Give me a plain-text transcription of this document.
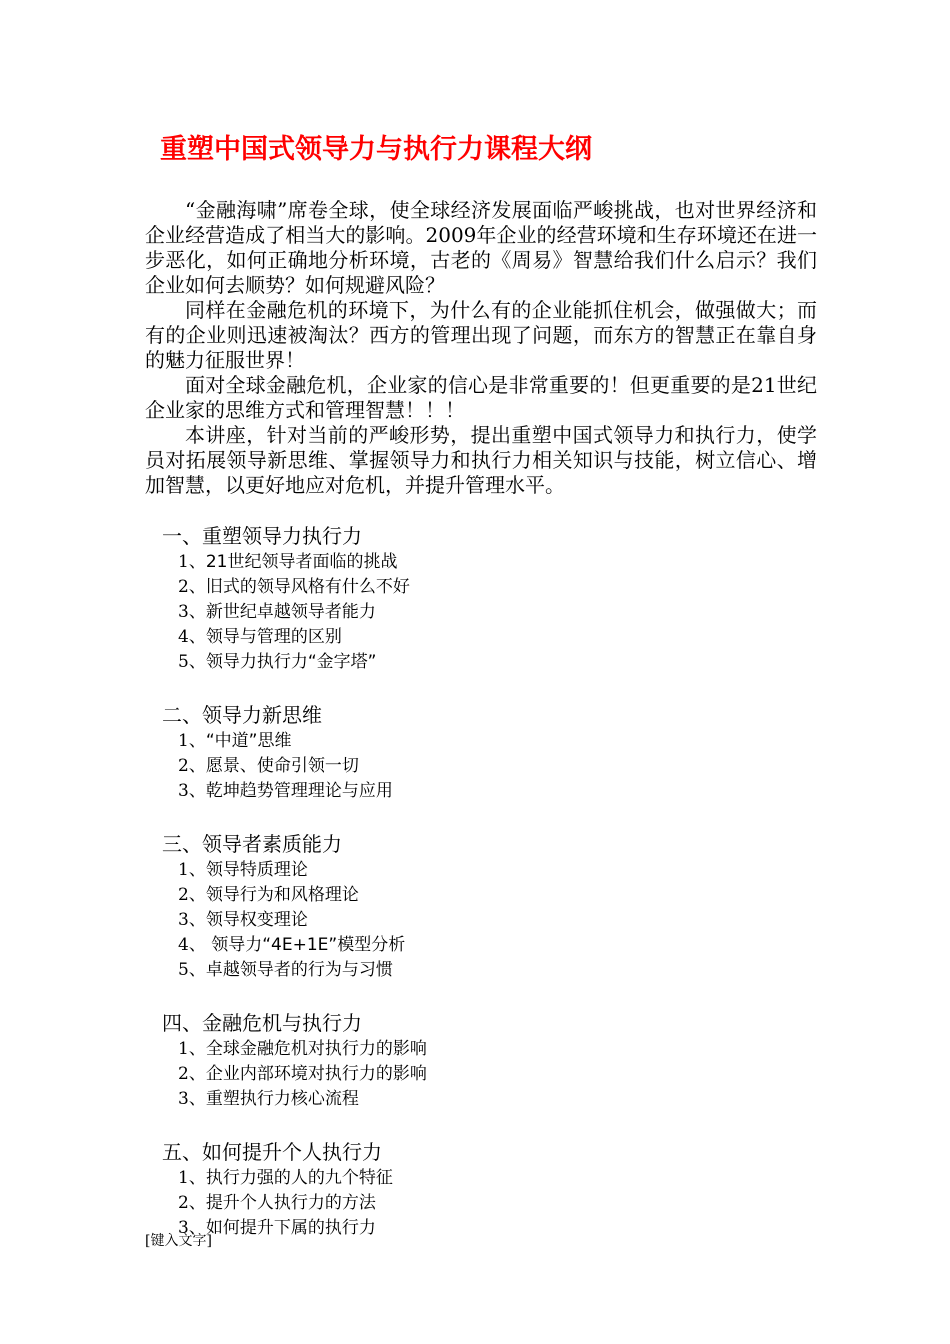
重塑中国式领导力与执行力课程大纲

“金融海啸”席卷全球，使全球经济发展面临严峻挑战，也对世界经济和企业经营造成了相当大的影响。2009年企业的经营环境和生存环境还在进一步恶化，如何正确地分析环境，古老的《周易》智慧给我们什么启示？我们企业如何去顺势？如何规避风险？

同样在金融危机的环境下，为什么有的企业能抓住机会，做强做大；而有的企业则迅速被淘汰？西方的管理出现了问题，而东方的智慧正在靠自身的魅力征服世界！

面对全球金融危机，企业家的信心是非常重要的！但更重要的是21世纪企业家的思维方式和管理智慧！！！

本讲座，针对当前的严峻形势，提出重塑中国式领导力和执行力，使学员对拓展领导新思维、掌握领导力和执行力相关知识与技能，树立信心、增加智慧，以更好地应对危机，并提升管理水平。

一、重塑领导力执行力
1、21世纪领导者面临的挑战
2、旧式的领导风格有什么不好
3、新世纪卓越领导者能力
4、领导与管理的区别
5、领导力执行力“金字塔”
二、领导力新思维
1、“中道”思维
2、愿景、使命引领一切
3、乾坤趋势管理理论与应用
三、领导者素质能力
1、领导特质理论
2、领导行为和风格理论
3、领导权变理论
4、 领导力“4E+1E”模型分析
5、卓越领导者的行为与习惯
四、金融危机与执行力
1、全球金融危机对执行力的影响
2、企业内部环境对执行力的影响
3、重塑执行力核心流程
五、如何提升个人执行力
1、执行力强的人的九个特征
2、提升个人执行力的方法
3、如何提升下属的执行力
[键入文字]
